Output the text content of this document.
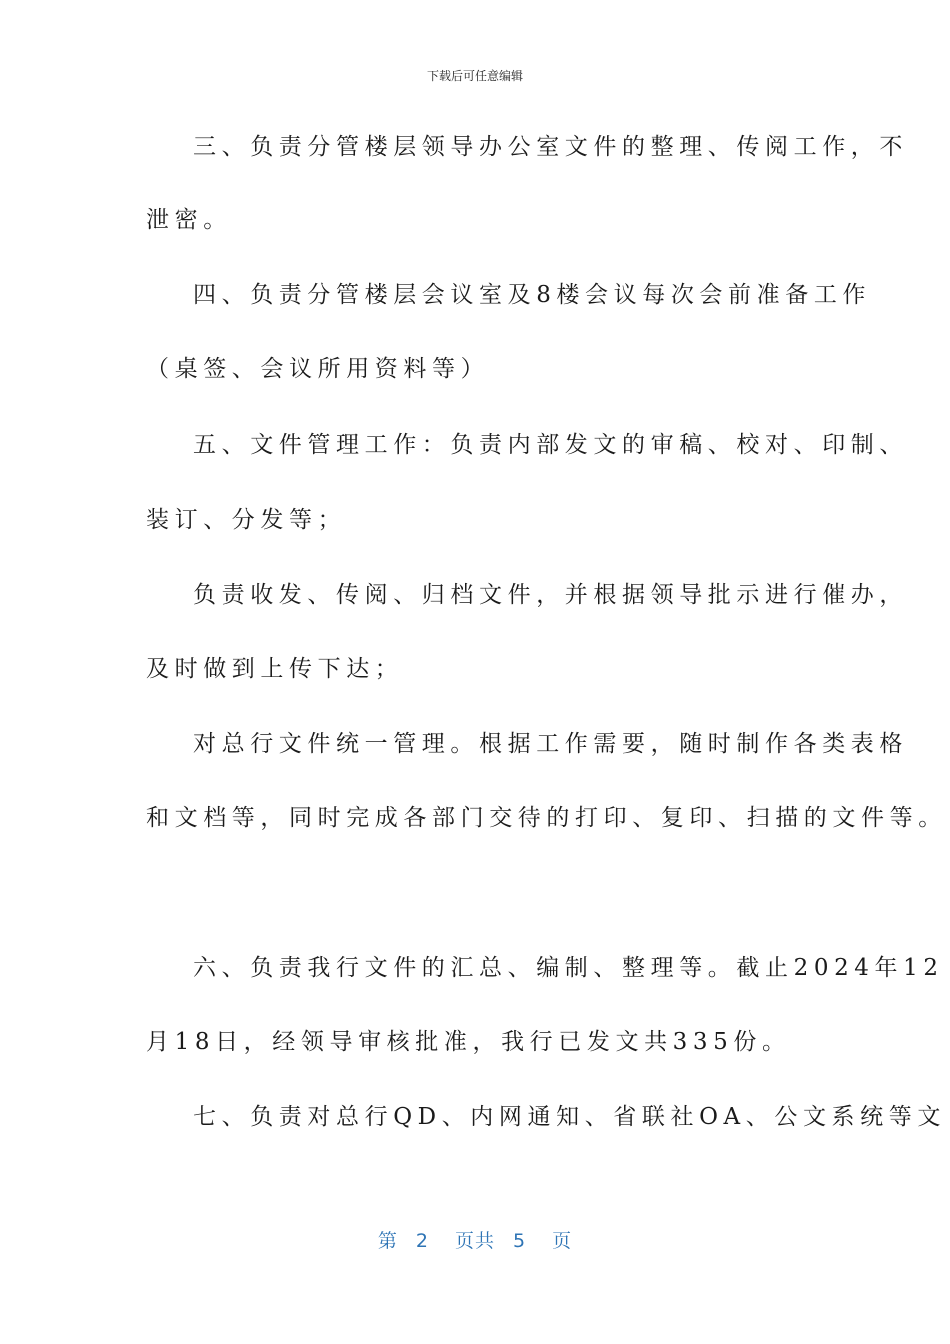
下载后可任意编辑
三、负责分管楼层领导办公室文件的整理、传阅工作，不
泄密。
四、负责分管楼层会议室及8楼会议每次会前准备工作
（桌签、会议所用资料等）
五、文件管理工作：负责内部发文的审稿、校对、印制、
装订、分发等；
负责收发、传阅、归档文件，并根据领导批示进行催办，
及时做到上传下达；
对总行文件统一管理。根据工作需要，随时制作各类表格
和文档等，同时完成各部门交待的打印、复印、扫描的文件等。
六、负责我行文件的汇总、编制、整理等。截止2024年12
月18日，经领导审核批准，我行已发文共335份。
七、负责对总行QD、内网通知、省联社OA、公文系统等文
第 2 页共 5 页
